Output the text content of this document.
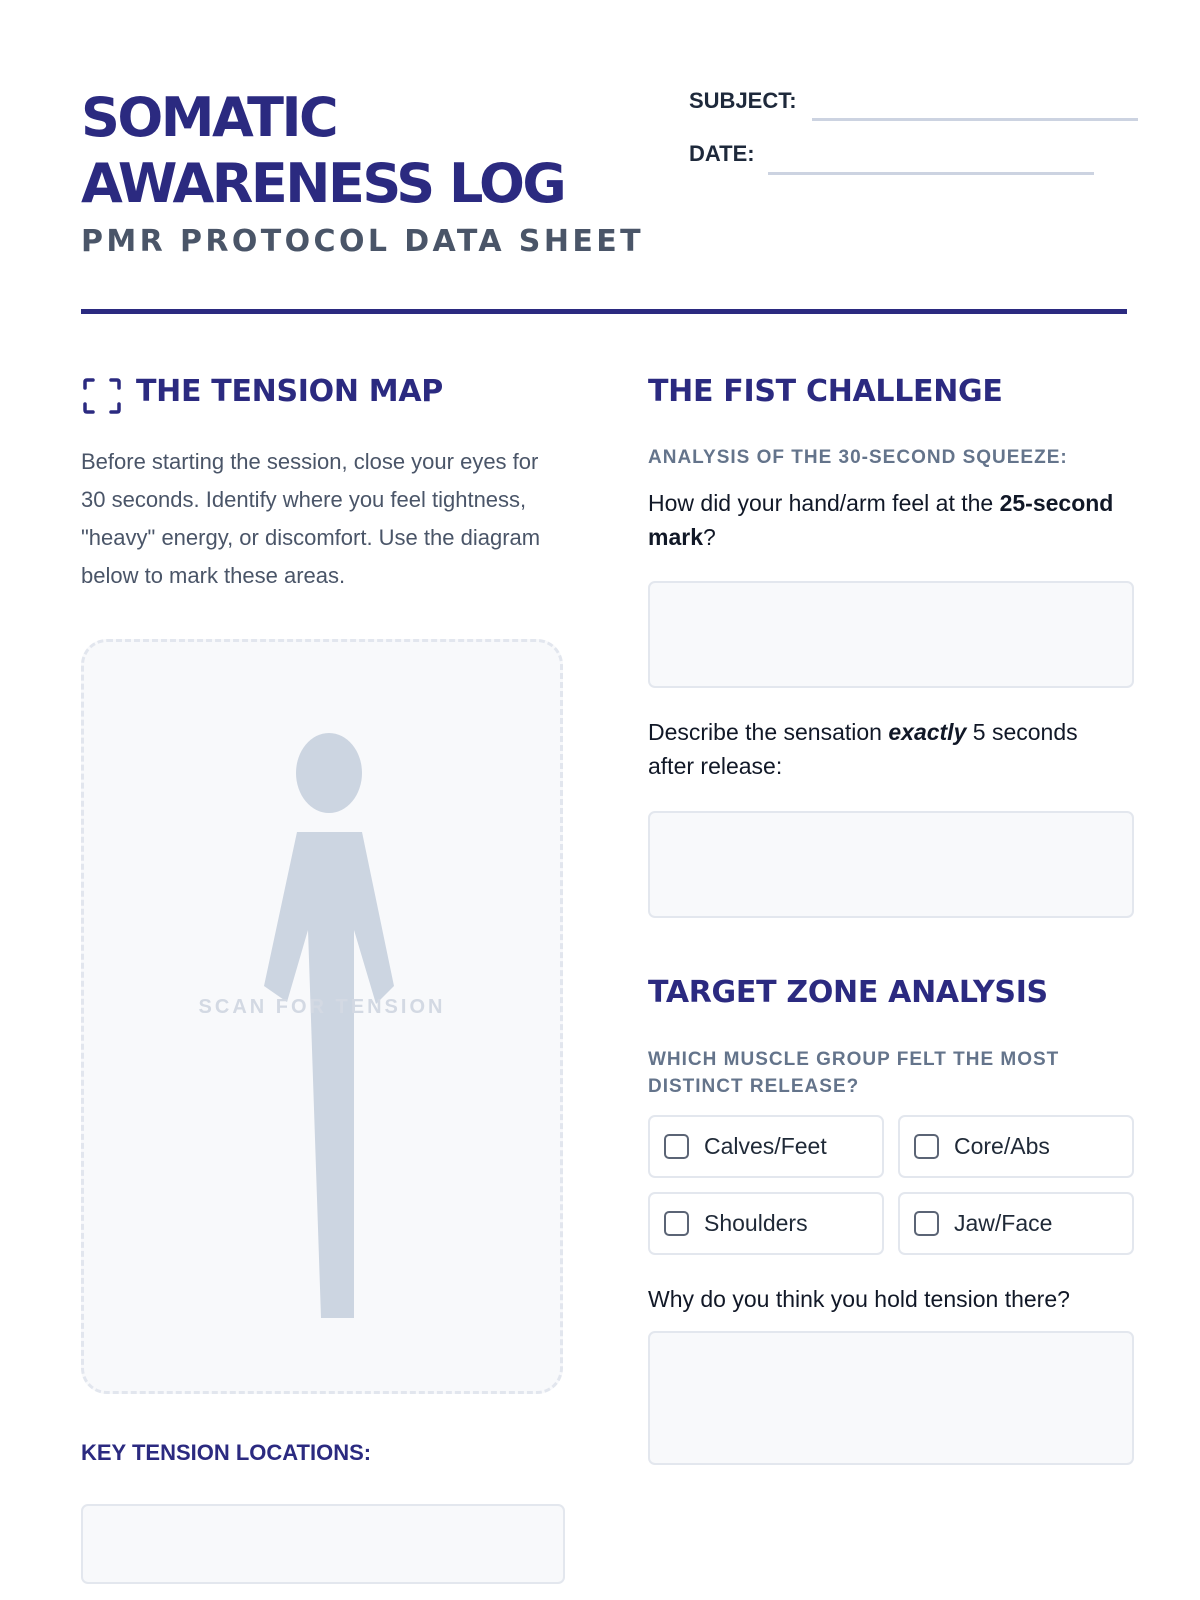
SOMATIC
AWARENESS LOG
PMR PROTOCOL DATA SHEET
SUBJECT:
DATE:
THE TENSION MAP

Before starting the session, close your eyes for 30 seconds. Identify where you feel tightness, "heavy" energy, or discomfort. Use the diagram below to mark these areas.

SCAN FOR TENSION
KEY TENSION LOCATIONS:
THE FIST CHALLENGE

ANALYSIS OF THE 30-SECOND SQUEEZE:

How did your hand/arm feel at the 25-second mark?

Describe the sensation exactly 5 seconds after release:

TARGET ZONE ANALYSIS

WHICH MUSCLE GROUP FELT THE MOST
DISTINCT RELEASE?

Calves/Feet	Core/Abs
Shoulders	Jaw/Face

Why do you think you hold tension there?
